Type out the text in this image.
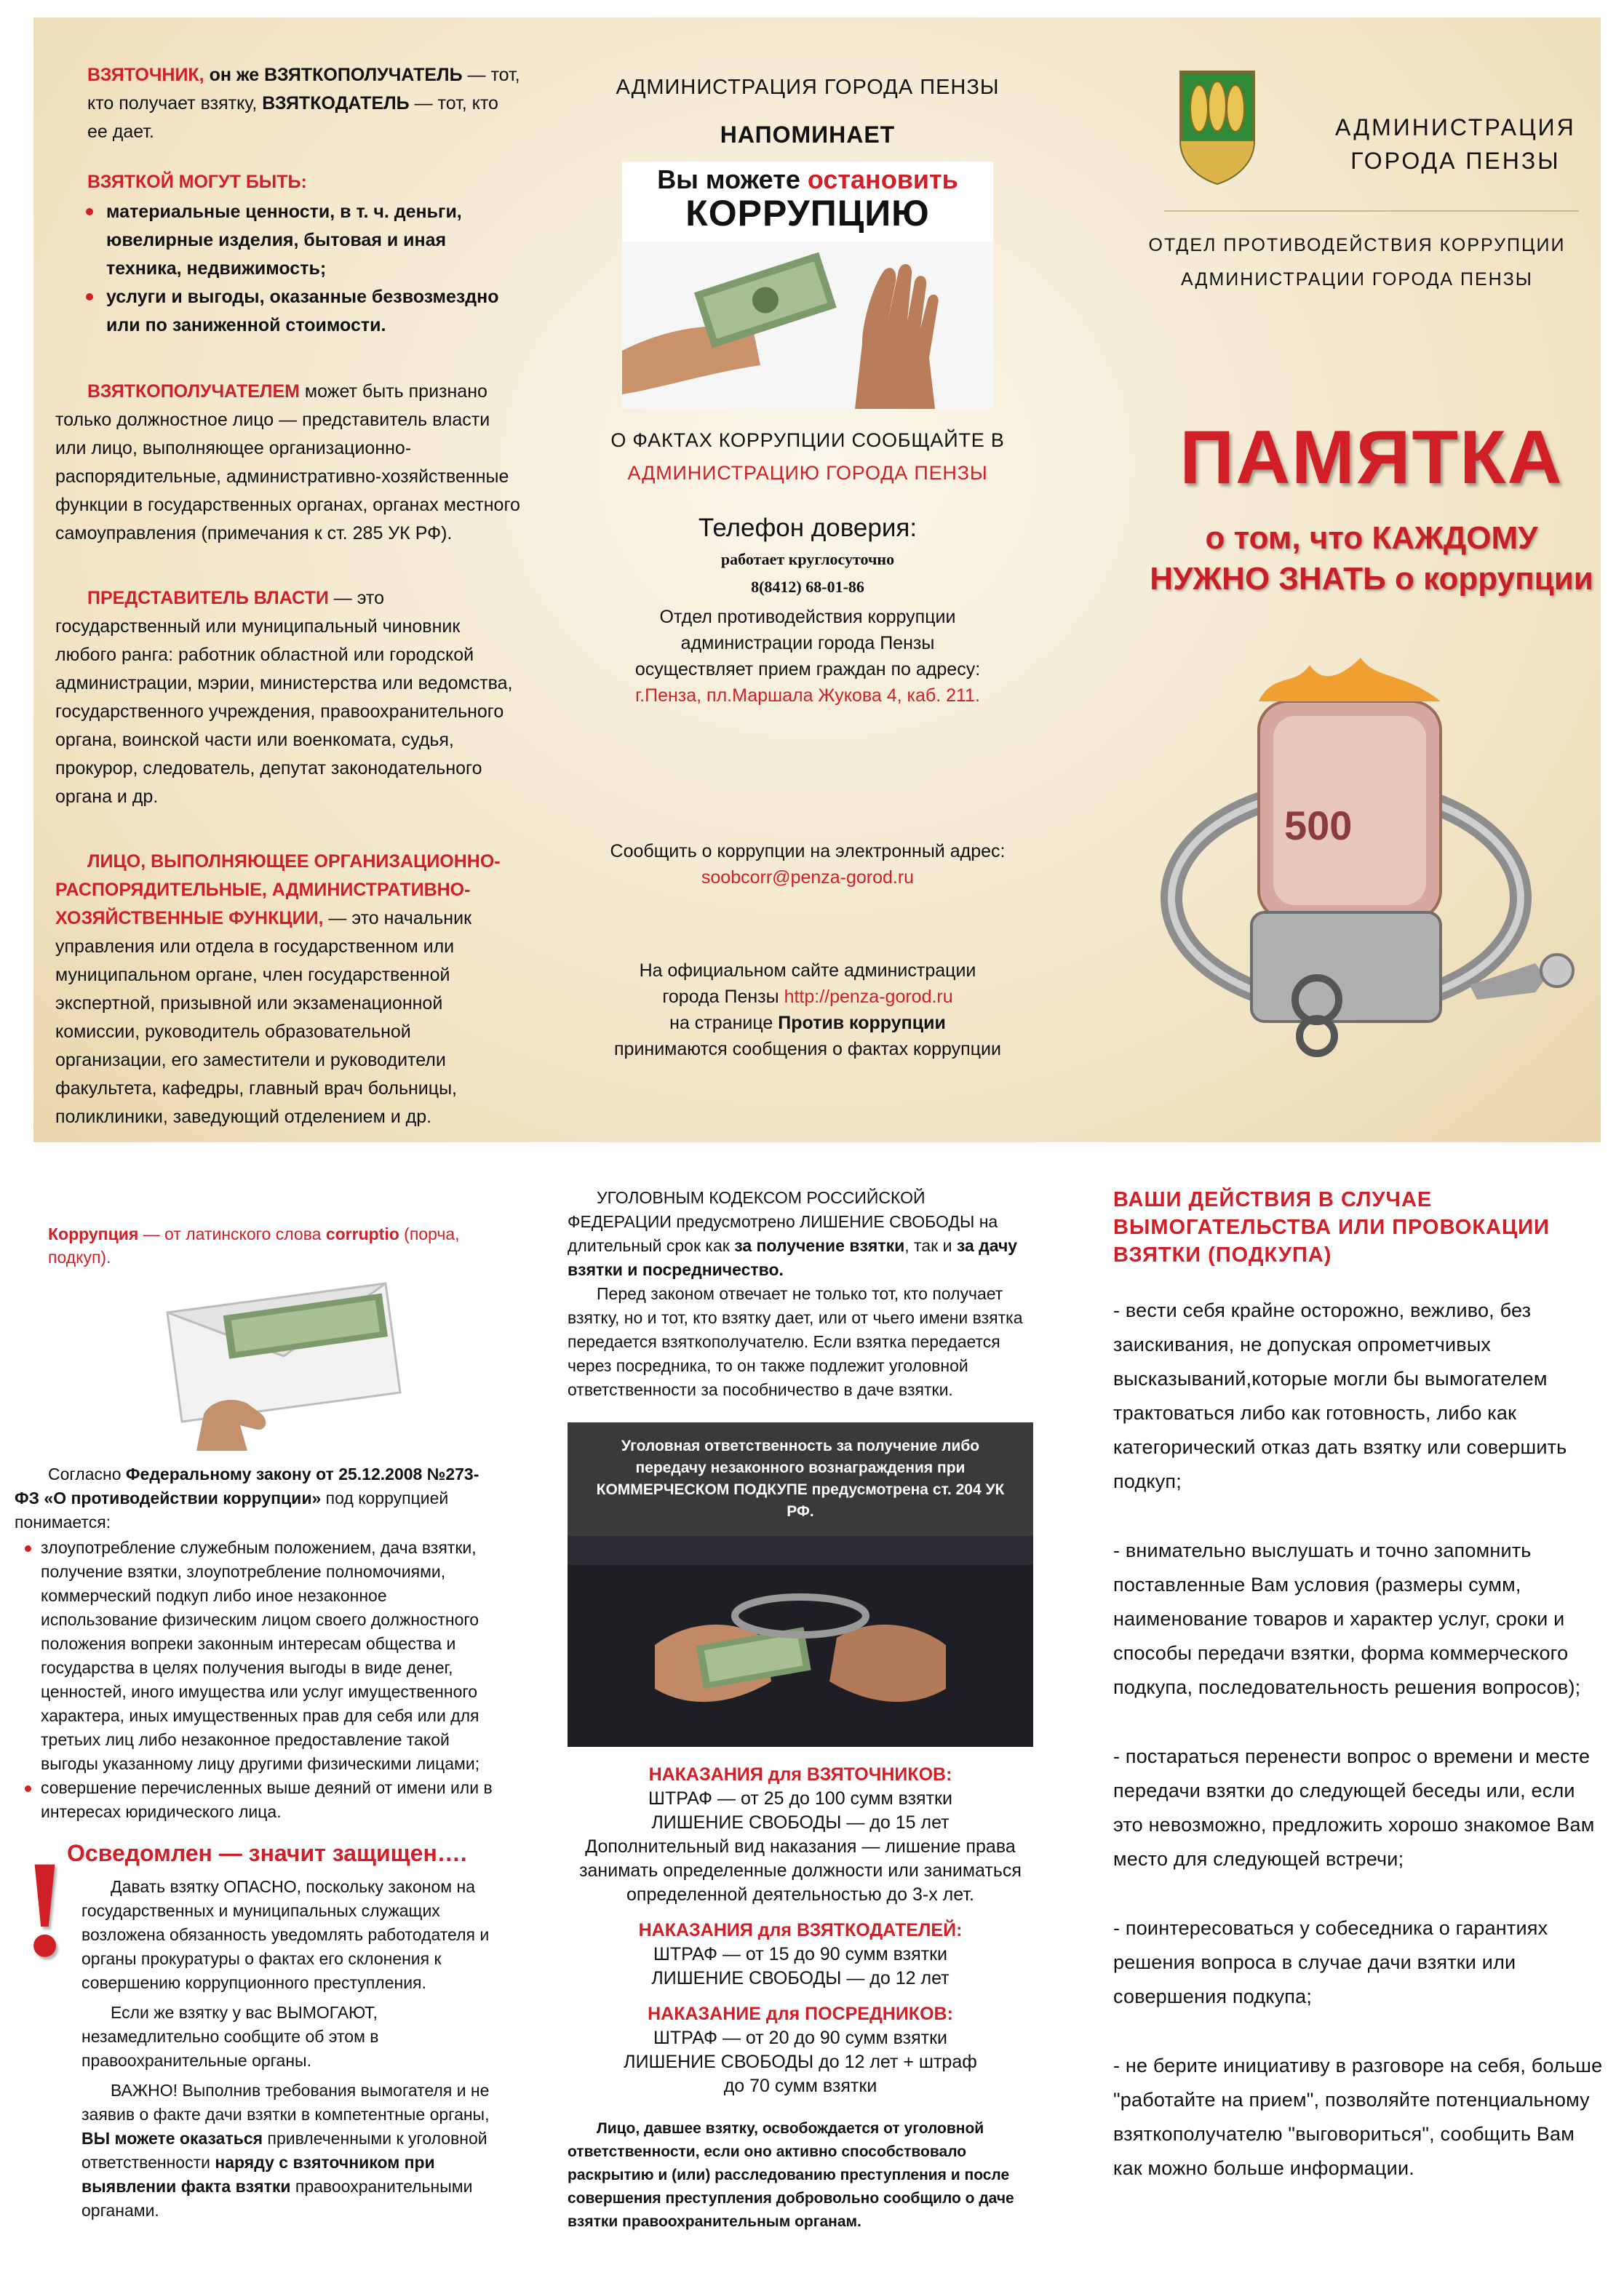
ВЗЯТОЧНИК, он же ВЗЯТКОПОЛУЧАТЕЛЬ — тот, кто получает взятку, ВЗЯТКОДАТЕЛЬ — тот, кто ее дает.

ВЗЯТКОЙ МОГУТ БЫТЬ:
материальные ценности, в т. ч. деньги, ювелирные изделия, бытовая и иная техника, недвижимость;
услуги и выгоды, оказанные безвозмездно или по заниженной стоимости.

ВЗЯТКОПОЛУЧАТЕЛЕМ может быть признано только должностное лицо — представитель власти или лицо, выполняющее организационно-распорядительные, административно-хозяйственные функции в государственных органах, органах местного самоуправления (примечания к ст. 285 УК РФ).

ПРЕДСТАВИТЕЛЬ ВЛАСТИ — это государственный или муниципальный чиновник любого ранга: работник областной или городской администрации, мэрии, министерства или ведомства, государственного учреждения, правоохранительного органа, воинской части или военкомата, судья, прокурор, следователь, депутат законодательного органа и др.

ЛИЦО, ВЫПОЛНЯЮЩЕЕ ОРГАНИЗАЦИОННО-РАСПОРЯДИТЕЛЬНЫЕ, АДМИНИСТРАТИВНО-ХОЗЯЙСТВЕННЫЕ ФУНКЦИИ, — это начальник управления или отдела в государственном или муниципальном органе, член государственной экспертной, призывной или экзаменационной комиссии, руководитель образовательной организации, его заместители и руководители факультета, кафедры, главный врач больницы, поликлиники, заведующий отделением и др.

АДМИНИСТРАЦИЯ ГОРОДА ПЕНЗЫ
НАПОМИНАЕТ
Вы можете остановить
КОРРУПЦИЮ
О ФАКТАХ КОРРУПЦИИ СООБЩАЙТЕ В
АДМИНИСТРАЦИЮ ГОРОДА ПЕНЗЫ
Телефон доверия:
работает круглосуточно
8(8412) 68-01-86
Отдел противодействия коррупции
администрации города Пензы
осуществляет прием граждан по адресу:
г.Пенза, пл.Маршала Жукова 4, каб. 211.
Сообщить о коррупции на электронный адрес:
soobcorr@penza-gorod.ru
На официальном сайте администрации
города Пензы http://penza-gorod.ru
на странице Против коррупции
принимаются сообщения о фактах коррупции
АДМИНИСТРАЦИЯ
ГОРОДА ПЕНЗЫ
ОТДЕЛ ПРОТИВОДЕЙСТВИЯ КОРРУПЦИИ
АДМИНИСТРАЦИИ ГОРОДА ПЕНЗЫ
ПАМЯТКА
о том, что КАЖДОМУ
НУЖНО ЗНАТЬ о коррупции
500
Коррупция — от латинского слова corruptio (порча, подкуп).
Согласно Федеральному закону от 25.12.2008 №273-ФЗ «О противодействии коррупции» под коррупцией понимается:
злоупотребление служебным положением, дача взятки, получение взятки, злоупотребление полномочиями, коммерческий подкуп либо иное незаконное использование физическим лицом своего должностного положения вопреки законным интересам общества и государства в целях получения выгоды в виде денег, ценностей, иного имущества или услуг имущественного характера, иных имущественных прав для себя или для третьих лиц либо незаконное предоставление такой выгоды указанному лицу другими физическими лицами;
совершение перечисленных выше деяний от имени или в интересах юридического лица.
!
Осведомлен — значит защищен….

Давать взятку ОПАСНО, поскольку законом на государственных и муниципальных служащих возложена обязанность уведомлять работодателя и органы прокуратуры о фактах его склонения к совершению коррупционного преступления.

Если же взятку у вас ВЫМОГАЮТ, незамедлительно сообщите об этом в правоохранительные органы.

ВАЖНО! Выполнив требования вымогателя и не заявив о факте дачи взятки в компетентные органы, ВЫ можете оказаться привлеченными к уголовной ответственности наряду с взяточником при выявлении факта взятки правоохранительными органами.

УГОЛОВНЫМ КОДЕКСОМ РОССИЙСКОЙ ФЕДЕРАЦИИ предусмотрено ЛИШЕНИЕ СВОБОДЫ на длительный срок как за получение взятки, так и за дачу взятки и посредничество.

Перед законом отвечает не только тот, кто получает взятку, но и тот, кто взятку дает, или от чьего имени взятка передается взяткополучателю. Если взятка передается через посредника, то он также подлежит уголовной ответственности за пособничество в даче взятки.

Уголовная ответственность за получение либо передачу незаконного вознаграждения при КОММЕРЧЕСКОМ ПОДКУПЕ предусмотрена ст. 204 УК РФ.
НАКАЗАНИЯ для ВЗЯТОЧНИКОВ:
ШТРАФ — от 25 до 100 сумм взятки
ЛИШЕНИЕ СВОБОДЫ — до 15 лет
Дополнительный вид наказания — лишение права занимать определенные должности или заниматься определенной деятельностью до 3-х лет.
НАКАЗАНИЯ для ВЗЯТКОДАТЕЛЕЙ:
ШТРАФ — от 15 до 90 сумм взятки
ЛИШЕНИЕ СВОБОДЫ — до 12 лет
НАКАЗАНИЕ для ПОСРЕДНИКОВ:
ШТРАФ — от 20 до 90 сумм взятки
ЛИШЕНИЕ СВОБОДЫ до 12 лет + штраф
до 70 сумм взятки

Лицо, давшее взятку, освобождается от уголовной ответственности, если оно активно способствовало раскрытию и (или) расследованию преступления и после совершения преступления добровольно сообщило о даче взятки правоохранительным органам.

ВАШИ ДЕЙСТВИЯ В СЛУЧАЕ ВЫМОГАТЕЛЬСТВА ИЛИ ПРОВОКАЦИИ ВЗЯТКИ (ПОДКУПА)

- вести себя крайне осторожно, вежливо, без заискивания, не допуская опрометчивых высказываний,которые могли бы вымогателем трактоваться либо как готовность, либо как категорический отказ дать взятку или совершить подкуп;

- внимательно выслушать и точно запомнить поставленные Вам условия (размеры сумм, наименование товаров и характер услуг, сроки и способы передачи взятки, форма коммерческого подкупа, последовательность решения вопросов);

- постараться перенести вопрос о времени и месте передачи взятки до следующей беседы или, если это невозможно, предложить хорошо знакомое Вам место для следующей встречи;

- поинтересоваться у собеседника о гарантиях решения вопроса в случае дачи взятки или совершения подкупа;

- не берите инициативу в разговоре на себя, больше "работайте на прием", позволяйте потенциальному взяткополучателю "выговориться", сообщить Вам как можно больше информации.
